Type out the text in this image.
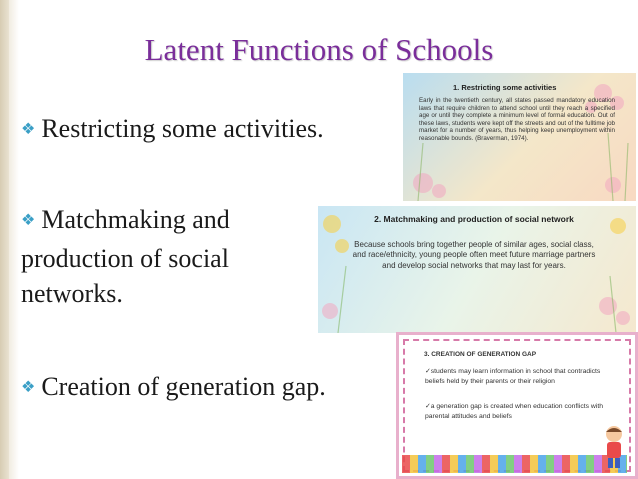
Latent Functions of Schools
❖ Restricting some activities.
❖ Matchmaking and production of social networks.
❖ Creation of generation gap.
1. Restricting some activities

Early in the twentieth century, all states passed mandatory education laws that require children to attend school until they reach a specified age or until they complete a minimum level of formal education. Out of these laws, students were kept off the streets and out of the fulltime job market for a number of years, thus helping keep unemployment within reasonable bounds. (Braverman, 1974).

2. Matchmaking and production of social network

Because schools bring together people of similar ages, social class, and race/ethnicity, young people often meet future marriage partners and develop social networks that may last for years.

3. CREATION OF GENERATION GAP

✓students may learn information in school that contradicts beliefs held by their parents or their religion

✓a generation gap is created when education conflicts with parental attitudes and beliefs
